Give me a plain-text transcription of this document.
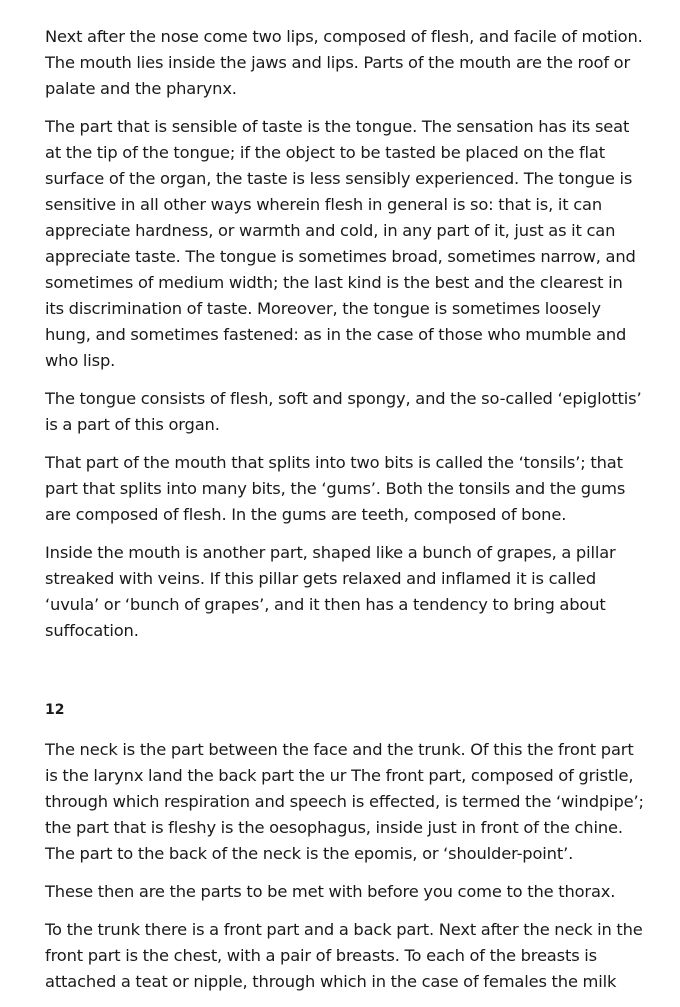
Next after the nose come two lips, composed of flesh, and facile of motion. The mouth lies inside the jaws and lips. Parts of the mouth are the roof or palate and the pharynx.

The part that is sensible of taste is the tongue. The sensation has its seat at the tip of the tongue; if the object to be tasted be placed on the flat surface of the organ, the taste is less sensibly experienced. The tongue is sensitive in all other ways wherein flesh in general is so: that is, it can appreciate hardness, or warmth and cold, in any part of it, just as it can appreciate taste. The tongue is sometimes broad, sometimes narrow, and sometimes of medium width; the last kind is the best and the clearest in its discrimination of taste. Moreover, the tongue is sometimes loosely hung, and sometimes fastened: as in the case of those who mumble and who lisp.

The tongue consists of flesh, soft and spongy, and the so-called ‘epiglottis’ is a part of this organ.

That part of the mouth that splits into two bits is called the ‘tonsils’; that part that splits into many bits, the ‘gums’. Both the tonsils and the gums are composed of flesh. In the gums are teeth, composed of bone.

Inside the mouth is another part, shaped like a bunch of grapes, a pillar streaked with veins. If this pillar gets relaxed and inflamed it is called ‘uvula’ or ‘bunch of grapes’, and it then has a tendency to bring about suffocation.

12

The neck is the part between the face and the trunk. Of this the front part is the larynx land the back part the ur The front part, composed of gristle, through which respiration and speech is effected, is termed the ‘windpipe’; the part that is fleshy is the oesophagus, inside just in front of the chine. The part to the back of the neck is the epomis, or ‘shoulder-point’.

These then are the parts to be met with before you come to the thorax.

To the trunk there is a front part and a back part. Next after the neck in the front part is the chest, with a pair of breasts. To each of the breasts is attached a teat or nipple, through which in the case of females the milk
